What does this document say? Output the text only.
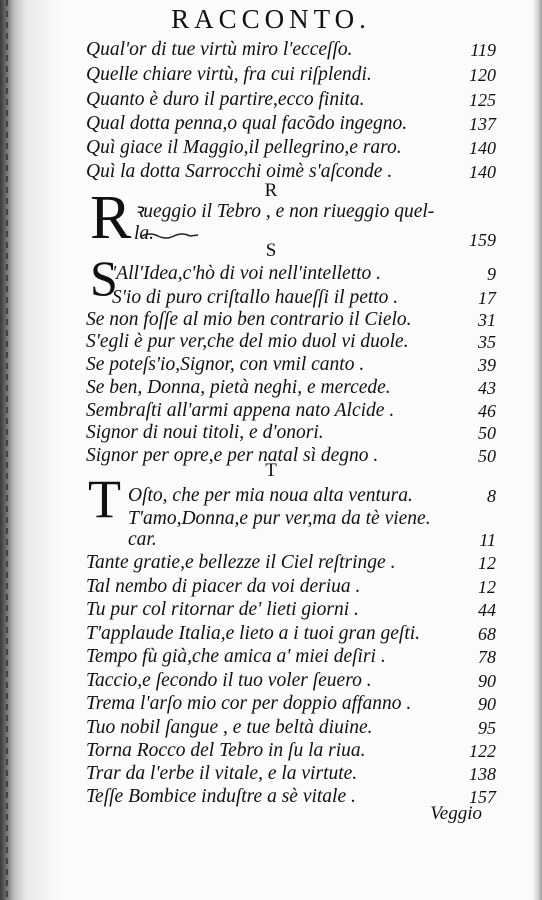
RACCONTO.
Qual'or di tue virtù miro l'ecceſſo.	119
Quelle chiare virtù, fra cui riſplendi.	120
Quanto è duro il partire,ecco finita.	125
Qual dotta penna,o qual facõdo ingegno.	137
Quì giace il Maggio,il pellegrino,e raro.	140
Quì la dotta Sarrocchi oimè s'aſconde .	140
R
R ꝛueggio il Tebro , e non riueggio quel-
la.	159
S
S
'All'Idea,c'hò di voi nell'intelletto .	9
S'io di puro criſtallo haueſſi il petto .	17
Se non foſſe al mio ben contrario il Cielo.	31
S'egli è pur ver,che del mio duol vi duole.	35
Se poteſs'io,Signor, con vmil canto .	39
Se ben, Donna, pietà neghi, e mercede.	43
Sembraſti all'armi appena nato Alcide .	46
Signor di noui titoli, e d'onori.	50
Signor per opre,e per natal sì degno .	50
T
T Oſto, che per mia noua alta ventura.	8
T'amo,Donna,e pur ver,ma da tè viene.
car.	11
Tante gratie,e bellezze il Ciel reſtringe .	12
Tal nembo di piacer da voi deriua .	12
Tu pur col ritornar de' lieti giorni .	44
T'applaude Italia,e lieto a i tuoi gran geſti.	68
Tempo fù già,che amica a' miei deſiri .	78
Taccio,e ſecondo il tuo voler ſeuero .	90
Trema l'arſo mio cor per doppio affanno .	90
Tuo nobil ſangue , e tue beltà diuine.	95
Torna Rocco del Tebro in ſu la riua.	122
Trar da l'erbe il vitale, e la virtute.	138
Teſſe Bombice induſtre a sè vitale .	157
Veggio
